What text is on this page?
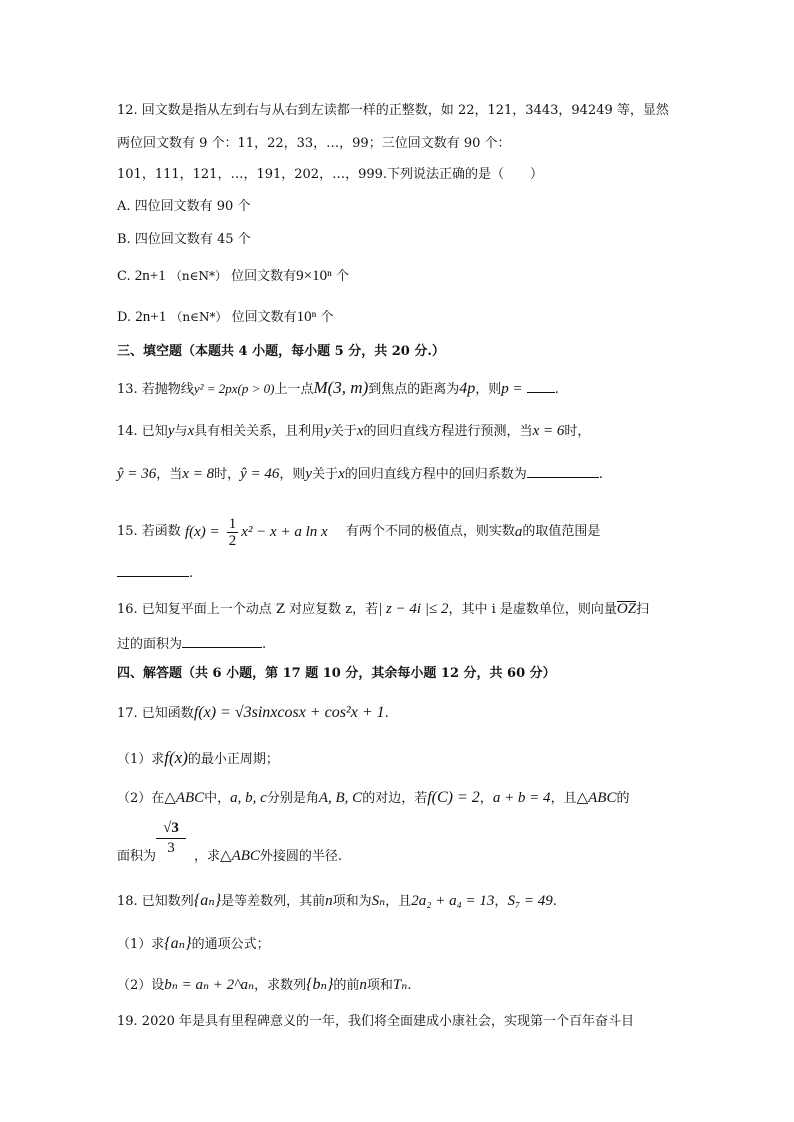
12. 回文数是指从左到右与从右到左读都一样的正整数，如 22，121，3443，94249 等，显然
两位回文数有 9 个：11，22，33，…，99；三位回文数有 90 个：
101，111，121，…，191，202，…，999.下列说法正确的是（　　）
A. 四位回文数有 90 个
B. 四位回文数有 45 个
C. 2n+1 （n∈N*） 位回文数有9×10ⁿ 个
D. 2n+1 （n∈N*） 位回文数有10ⁿ 个
三、填空题（本题共 4 小题，每小题 5 分，共 20 分.）
13. 若抛物线y² = 2px(p > 0)上一点M(3, m)到焦点的距离为4p，则p = .
14. 已知y与x具有相关关系，且利用y关于x的回归直线方程进行预测，当x = 6时，
ŷ = 36，当x = 8时，ŷ = 46，则y关于x的回归直线方程中的回归系数为	.
15. 若函数 $f(x) = \frac{1}{2} x^2 - x + a$ ln x 有两个不同的极值点，则实数a的取值范围是
.
16. 已知复平面上一个动点 Z 对应复数 z，若| z − 4i |≤ 2，其中 i 是虚数单位，则向量OZ扫
过的面积为	.
四、解答题（共 6 小题，第 17 题 10 分，其余每小题 12 分，共 60 分）
17. 已知函数f(x) = √3sinxcosx + cos²x + 1.
（1）求f(x)的最小正周期；
（2）在△ABC中，a, b, c分别是角A, B, C的对边，若f(C) = 2，a + b = 4，且△ABC的
√3
3
面积为	，求△ABC外接圆的半径.
18. 已知数列{aₙ}是等差数列，其前n项和为Sₙ，且2a₂ + a₄ = 13，S₇ = 49.
（1）求{aₙ}的通项公式；
（2）设bₙ = aₙ + 2^aₙ，求数列{bₙ}的前n项和Tₙ.
19. 2020 年是具有里程碑意义的一年，我们将全面建成小康社会，实现第一个百年奋斗目
